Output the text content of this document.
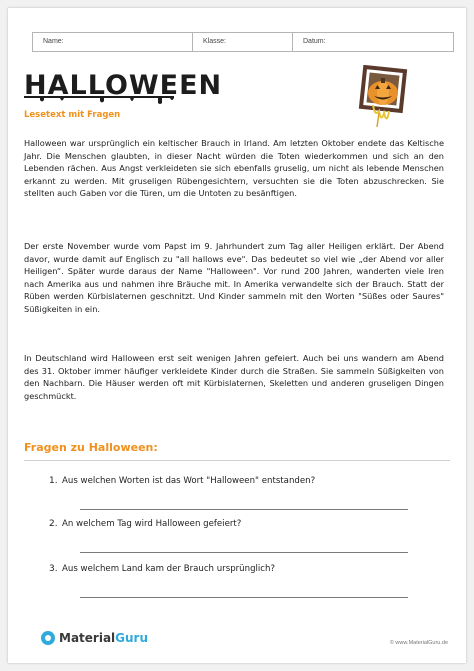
Name:	Klasse:	Datum:
HALLOWEEN
Lesetext mit Fragen

Halloween war ursprünglich ein keltischer Brauch in Irland. Am letzten Oktober endete das Keltische Jahr. Die Menschen glaubten, in dieser Nacht würden die Toten wiederkommen und sich an den Lebenden rächen. Aus Angst verkleideten sie sich ebenfalls gruselig, um nicht als lebende Menschen erkannt zu werden. Mit gruseligen Rübengesichtern, versuchten sie die Toten abzuschrecken. Sie stellten auch Gaben vor die Türen, um die Untoten zu besänftigen.

Der erste November wurde vom Papst im 9. Jahrhundert zum Tag aller Heiligen erklärt. Der Abend davor, wurde damit auf Englisch zu "all hallows eve". Das bedeutet so viel wie „der Abend vor aller Heiligen“. Später wurde daraus der Name "Halloween". Vor rund 200 Jahren, wanderten viele Iren nach Amerika aus und nahmen ihre Bräuche mit. In Amerika verwandelte sich der Brauch. Statt der Rüben werden Kürbislaternen geschnitzt. Und Kinder sammeln mit den Worten "Süßes oder Saures" Süßigkeiten in ein.

In Deutschland wird Halloween erst seit wenigen Jahren gefeiert. Auch bei uns wandern am Abend des 31. Oktober immer häufiger verkleidete Kinder durch die Straßen. Sie sammeln Süßigkeiten von den Nachbarn. Die Häuser werden oft mit Kürbislaternen, Skeletten und anderen gruseligen Dingen geschmückt.

Fragen zu Halloween:
1. Aus welchen Worten ist das Wort "Halloween" entstanden?
2. An welchem Tag wird Halloween gefeiert?
3. Aus welchem Land kam der Brauch ursprünglich?
MaterialGuru	© www.MaterialGuru.de
